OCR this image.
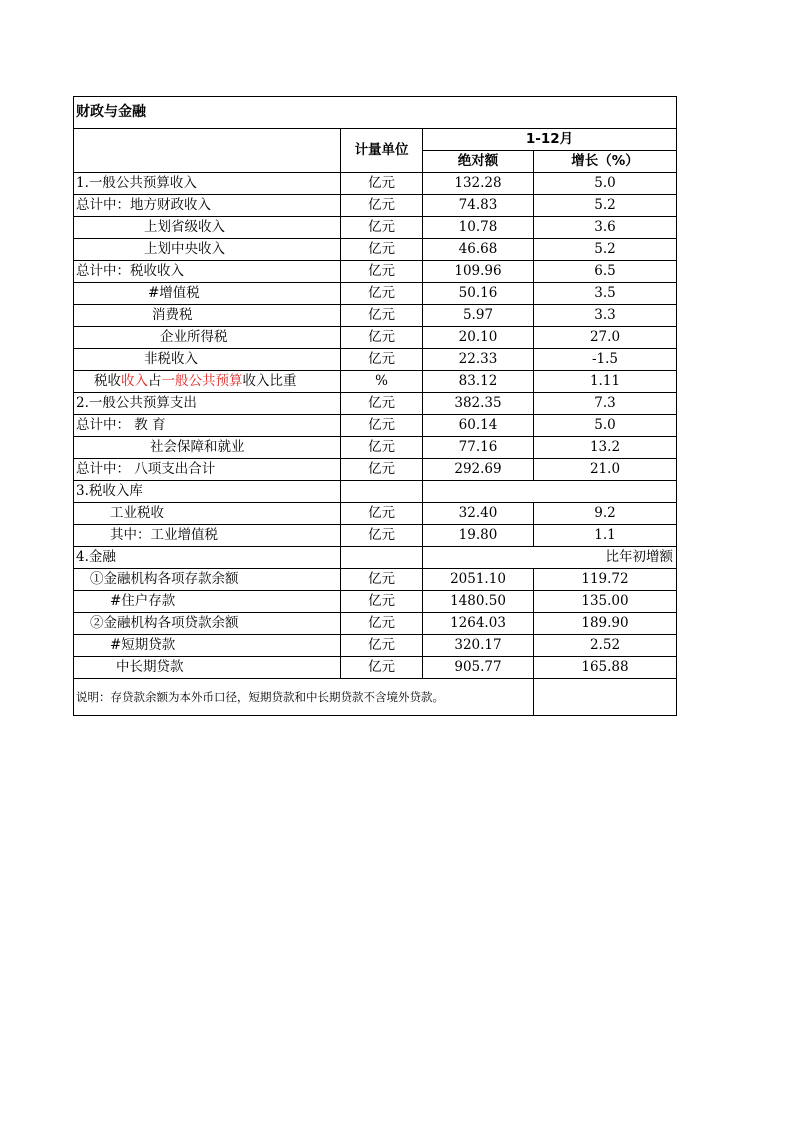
财政与金融			
	计量单位	1-12月	
		绝对额	增长（%）
1.一般公共预算收入	亿元	132.28	5.0
总计中：地方财政收入	亿元	74.83	5.2
上划省级收入	亿元	10.78	3.6
上划中央收入	亿元	46.68	5.2
总计中：税收收入	亿元	109.96	6.5
#增值税	亿元	50.16	3.5
消费税	亿元	5.97	3.3
企业所得税	亿元	20.10	27.0
非税收入	亿元	22.33	-1.5
税收收入占一般公共预算收入比重	%	83.12	1.11
2.一般公共预算支出	亿元	382.35	7.3
总计中： 教 育	亿元	60.14	5.0
社会保障和就业	亿元	77.16	13.2
总计中： 八项支出合计	亿元	292.69	21.0
3.税收入库			
工业税收	亿元	32.40	9.2
其中：工业增值税	亿元	19.80	1.1
4.金融		比年初增额	
①金融机构各项存款余额	亿元	2051.10	119.72
#住户存款	亿元	1480.50	135.00
②金融机构各项贷款余额	亿元	1264.03	189.90
#短期贷款	亿元	320.17	2.52
中长期贷款	亿元	905.77	165.88
说明：存贷款余额为本外币口径，短期贷款和中长期贷款不含境外贷款。			
